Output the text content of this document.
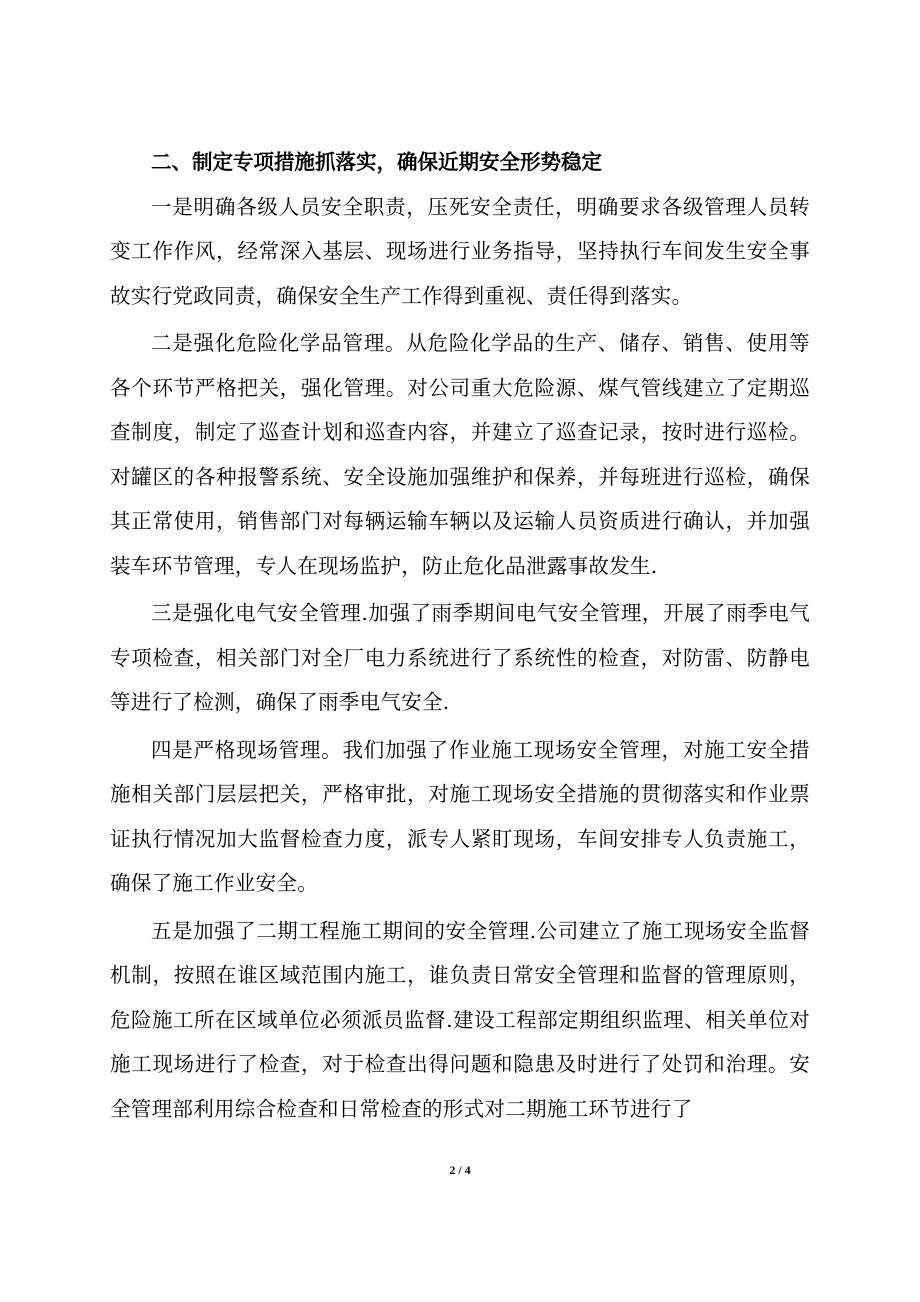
二、制定专项措施抓落实，确保近期安全形势稳定

一是明确各级人员安全职责，压死安全责任，明确要求各级管理人员转变工作作风，经常深入基层、现场进行业务指导，坚持执行车间发生安全事故实行党政同责，确保安全生产工作得到重视、责任得到落实。

二是强化危险化学品管理。从危险化学品的生产、储存、销售、使用等各个环节严格把关，强化管理。对公司重大危险源、煤气管线建立了定期巡查制度，制定了巡查计划和巡查内容，并建立了巡查记录，按时进行巡检。对罐区的各种报警系统、安全设施加强维护和保养，并每班进行巡检，确保其正常使用，销售部门对每辆运输车辆以及运输人员资质进行确认，并加强装车环节管理，专人在现场监护，防止危化品泄露事故发生.

三是强化电气安全管理.加强了雨季期间电气安全管理，开展了雨季电气专项检查，相关部门对全厂电力系统进行了系统性的检查，对防雷、防静电等进行了检测，确保了雨季电气安全.

四是严格现场管理。我们加强了作业施工现场安全管理，对施工安全措施相关部门层层把关，严格审批，对施工现场安全措施的贯彻落实和作业票证执行情况加大监督检查力度，派专人紧盯现场，车间安排专人负责施工，确保了施工作业安全。

五是加强了二期工程施工期间的安全管理.公司建立了施工现场安全监督机制，按照在谁区域范围内施工，谁负责日常安全管理和监督的管理原则，危险施工所在区域单位必须派员监督.建设工程部定期组织监理、相关单位对施工现场进行了检查，对于检查出得问题和隐患及时进行了处罚和治理。安全管理部利用综合检查和日常检查的形式对二期施工环节进行了

2 / 4
